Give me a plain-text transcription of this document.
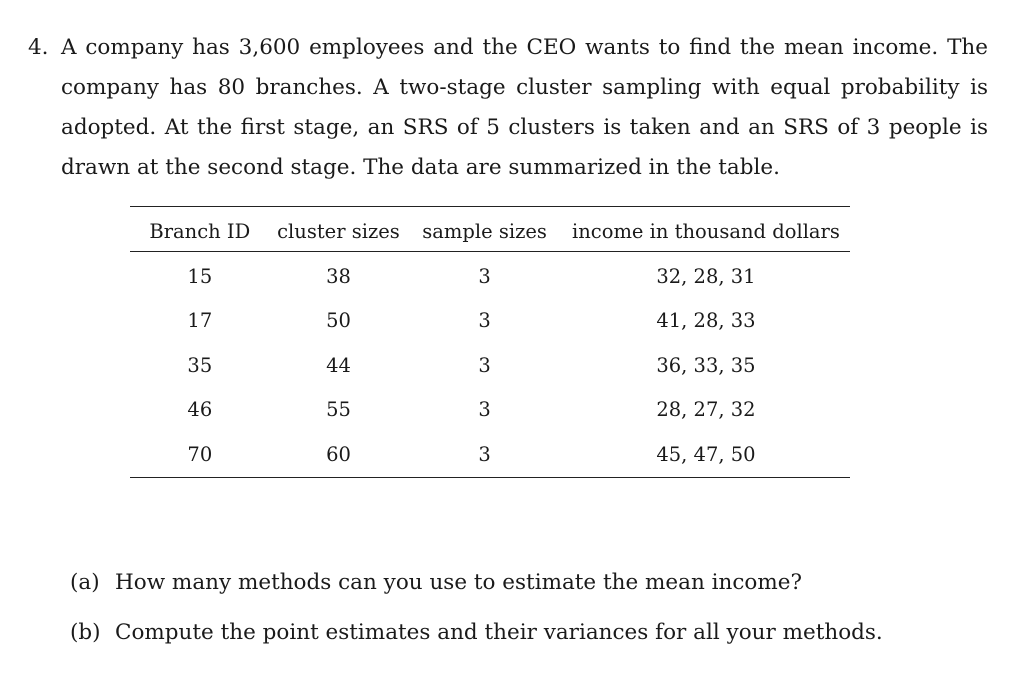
4. A company has 3,600 employees and the CEO wants to find the mean income. The
company has 80 branches. A two-stage cluster sampling with equal probability is
adopted. At the first stage, an SRS of 5 clusters is taken and an SRS of 3 people is
drawn at the second stage. The data are summarized in the table.
Branch ID	cluster sizes	sample sizes	income in thousand dollars
15	38	3	32, 28, 31
17	50	3	41, 28, 33
35	44	3	36, 33, 35
46	55	3	28, 27, 32
70	60	3	45, 47, 50
(a) How many methods can you use to estimate the mean income?
(b) Compute the point estimates and their variances for all your methods.
